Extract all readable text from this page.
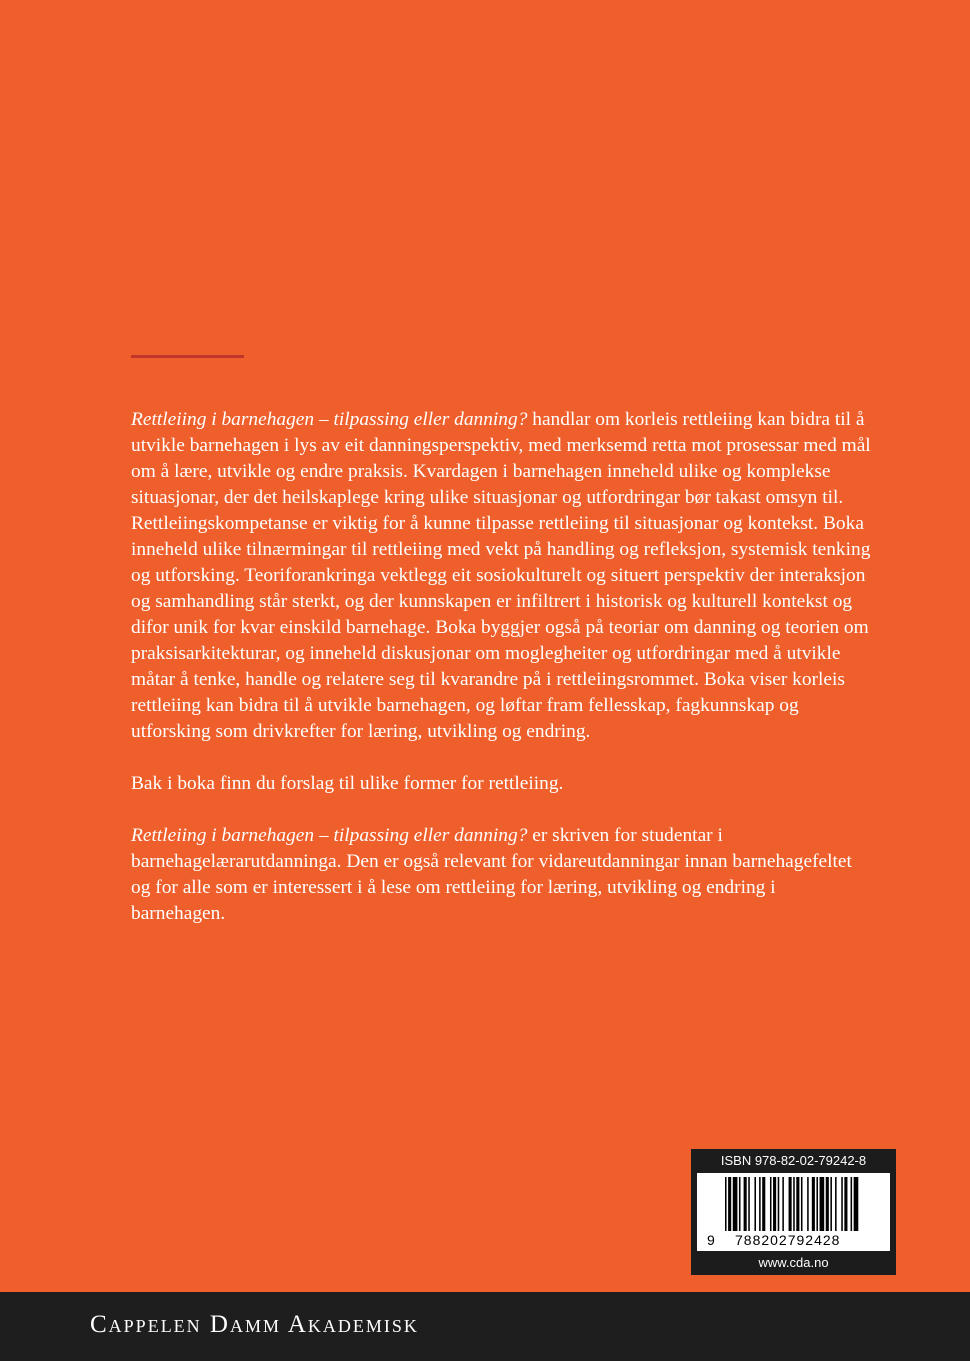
Rettleiing i barnehagen – tilpassing eller danning? handlar om korleis rettleiing kan bidra til å utvikle barnehagen i lys av eit danningsperspektiv, med merksemd retta mot prosessar med mål om å lære, utvikle og endre praksis. Kvardagen i barnehagen inneheld ulike og komplekse situasjonar, der det heilskaplege kring ulike situasjonar og utfordringar bør takast omsyn til. Rettleiingskompetanse er viktig for å kunne tilpasse rettleiing til situasjonar og kontekst. Boka inneheld ulike tilnærmingar til rettleiing med vekt på handling og refleksjon, systemisk tenking og utforsking. Teoriforankringa vektlegg eit sosiokulturelt og situert perspektiv der interaksjon og samhandling står sterkt, og der kunnskapen er infiltrert i historisk og kulturell kontekst og difor unik for kvar einskild barnehage. Boka byggjer også på teoriar om danning og teorien om praksisarkitekturar, og inneheld diskusjonar om moglegheiter og utfordringar med å utvikle måtar å tenke, handle og relatere seg til kvarandre på i rettleiingsrommet. Boka viser korleis rettleiing kan bidra til å utvikle barnehagen, og løftar fram fellesskap, fagkunnskap og utforsking som drivkrefter for læring, utvikling og endring.

Bak i boka finn du forslag til ulike former for rettleiing.

Rettleiing i barnehagen – tilpassing eller danning? er skriven for studentar i barnehagelærarutdanninga. Den er også relevant for vidareutdanningar innan barnehagefeltet og for alle som er interessert i å lese om rettleiing for læring, utvikling og endring i barnehagen.

ISBN 978-82-02-79242-8
9 788202792428
www.cda.no
Cappelen Damm Akademisk
